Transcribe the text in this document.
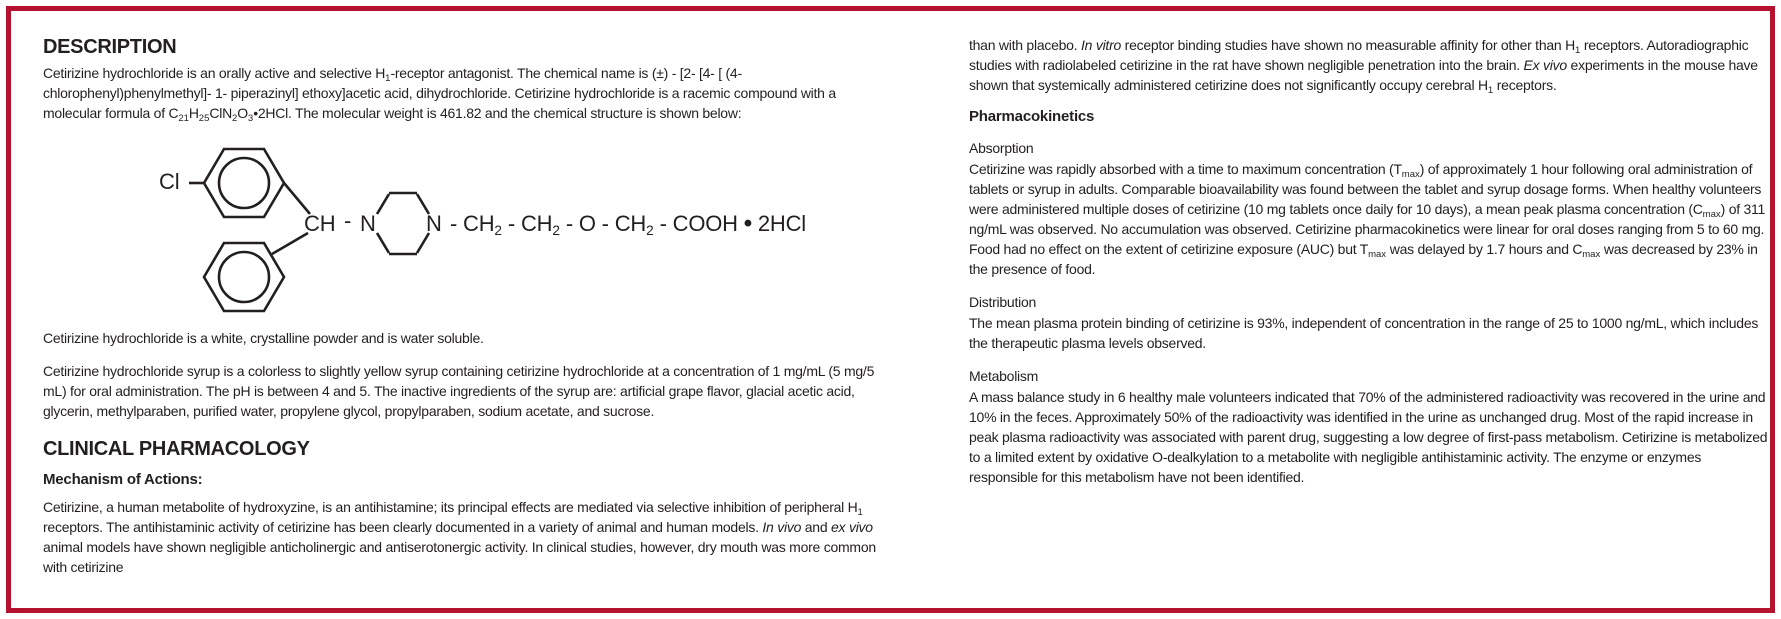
DESCRIPTION

Cetirizine hydrochloride is an orally active and selective $H_1$-receptor antagonist. The chemical name is (±) - [2- [4- [ (4-chlorophenyl)phenylmethyl]- 1- piperazinyl] ethoxy]acetic acid, dihydrochloride. Cetirizine hydrochloride is a racemic compound with a molecular formula of $C_{21}H_{25}ClN_2O_3•2HCl$. The molecular weight is 461.82 and the chemical structure is shown below:

Cl
CH - N N - $CH_2 - CH_2$ - O - $CH_2$ - COOH • 2HCl

Cetirizine hydrochloride is a white, crystalline powder and is water soluble.

Cetirizine hydrochloride syrup is a colorless to slightly yellow syrup containing cetirizine hydrochloride at a concentration of 1 mg/mL (5 mg/5 mL) for oral administration. The pH is between 4 and 5. The inactive ingredients of the syrup are: artificial grape flavor, glacial acetic acid, glycerin, methylparaben, purified water, propylene glycol, propylparaben, sodium acetate, and sucrose.

CLINICAL PHARMACOLOGY
Mechanism of Actions:

Cetirizine, a human metabolite of hydroxyzine, is an antihistamine; its principal effects are mediated via selective inhibition of peripheral $H_1$ receptors. The antihistaminic activity of cetirizine has been clearly documented in a variety of animal and human models. In vivo and ex vivo animal models have shown negligible anticholinergic and antiserotonergic activity. In clinical studies, however, dry mouth was more common with cetirizine

than with placebo. In vitro receptor binding studies have shown no measurable affinity for other than $H_1$ receptors. Autoradiographic studies with radiolabeled cetirizine in the rat have shown negligible penetration into the brain. Ex vivo experiments in the mouse have shown that systemically administered cetirizine does not significantly occupy cerebral $H_1$ receptors.

Pharmacokinetics
Absorption

Cetirizine was rapidly absorbed with a time to maximum concentration $(T_{max})$ of approximately 1 hour following oral administration of tablets or syrup in adults. Comparable bioavailability was found between the tablet and syrup dosage forms. When healthy volunteers were administered multiple doses of cetirizine (10 mg tablets once daily for 10 days), a mean peak plasma concentration $(C_{max})$ of 311 ng/mL was observed. No accumulation was observed. Cetirizine pharmacokinetics were linear for oral doses ranging from 5 to 60 mg. Food had no effect on the extent of cetirizine exposure (AUC) but $T_{max}$ was delayed by 1.7 hours and $C_{max}$ was decreased by 23% in the presence of food.

Distribution

The mean plasma protein binding of cetirizine is 93%, independent of concentration in the range of 25 to 1000 ng/mL, which includes the therapeutic plasma levels observed.

Metabolism

A mass balance study in 6 healthy male volunteers indicated that 70% of the administered radioactivity was recovered in the urine and 10% in the feces. Approximately 50% of the radioactivity was identified in the urine as unchanged drug. Most of the rapid increase in peak plasma radioactivity was associated with parent drug, suggesting a low degree of first-pass metabolism. Cetirizine is metabolized to a limited extent by oxidative O-dealkylation to a metabolite with negligible antihistaminic activity. The enzyme or enzymes responsible for this metabolism have not been identified.
